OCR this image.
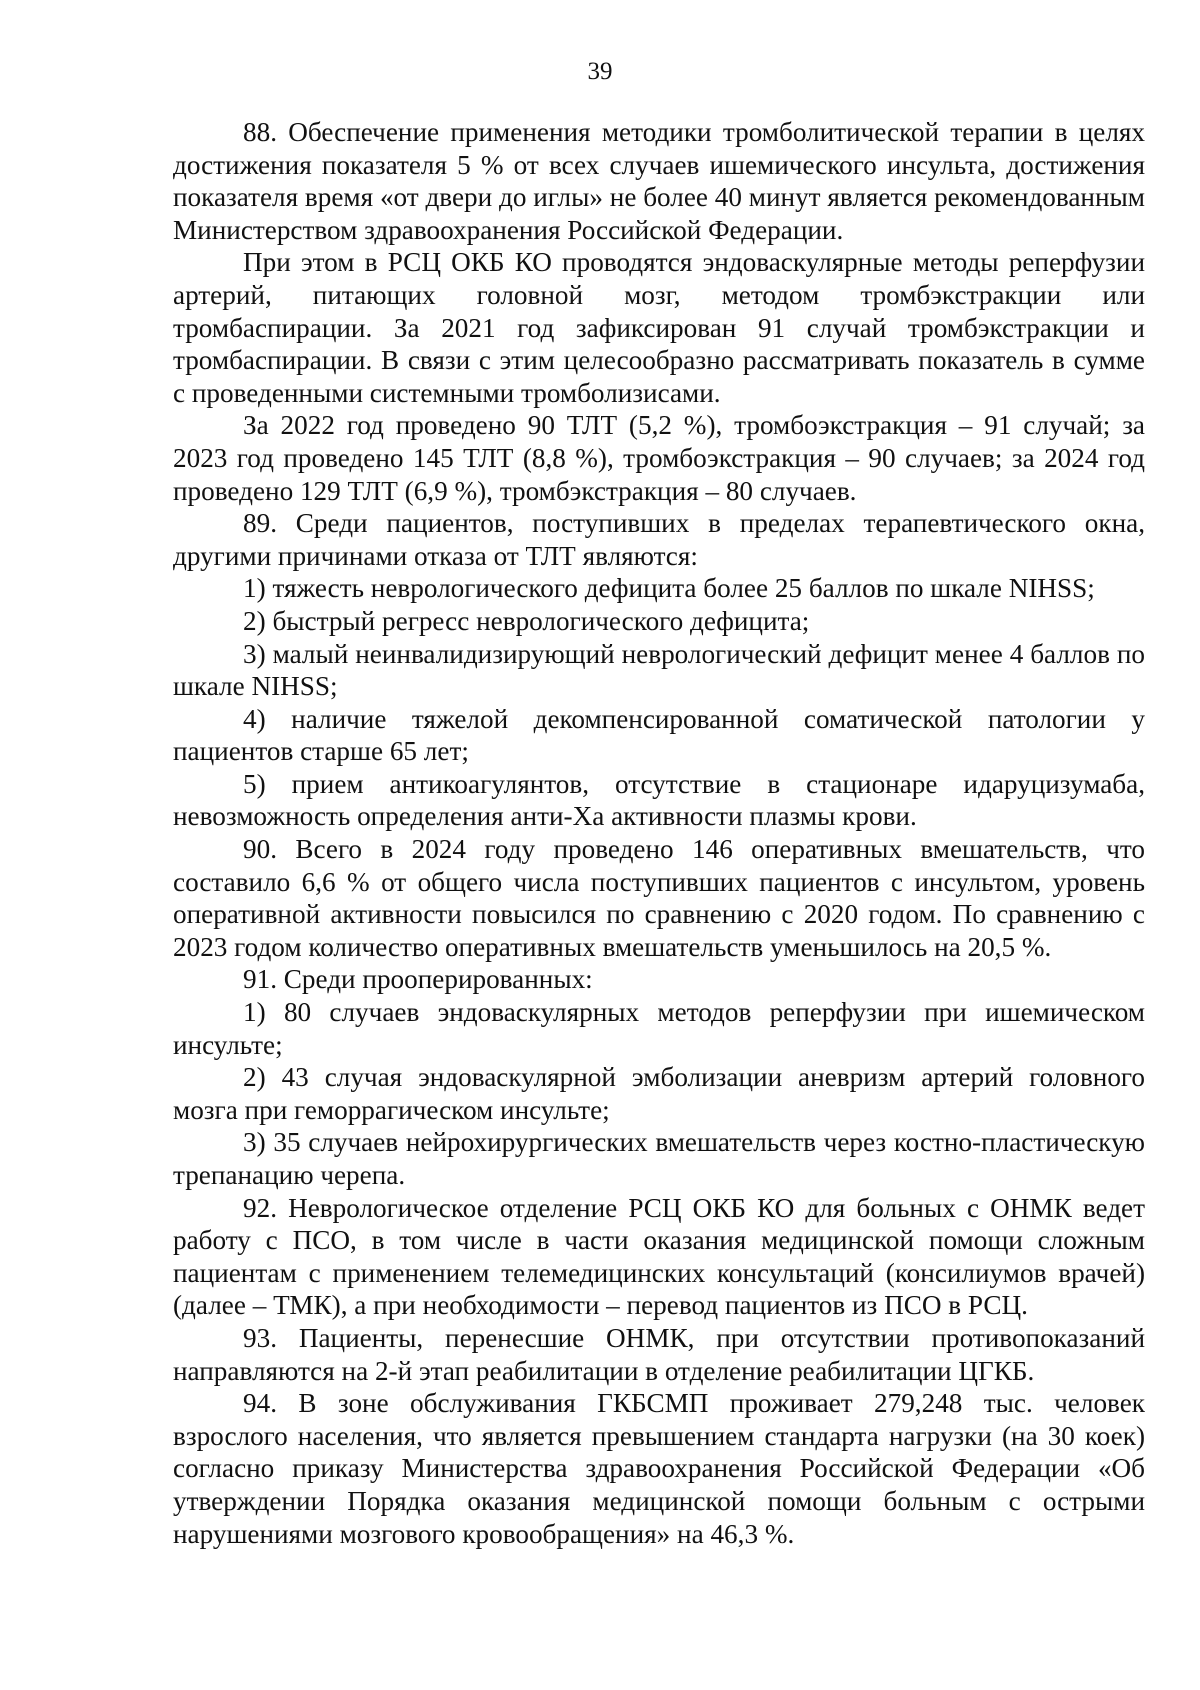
39

88. Обеспечение применения методики тромболитической терапии в целях достижения показателя 5 % от всех случаев ишемического инсульта, достижения показателя время «от двери до иглы» не более 40 минут является рекомендованным Министерством здравоохранения Российской Федерации.

При этом в РСЦ ОКБ КО проводятся эндоваскулярные методы реперфузии артерий, питающих головной мозг, методом тромбэкстракции или тромбаспирации. За 2021 год зафиксирован 91 случай тромбэкстракции и тромбаспирации. В связи с этим целесообразно рассматривать показатель в сумме с проведенными системными тромболизисами.

За 2022 год проведено 90 ТЛТ (5,2 %), тромбоэкстракция – 91 случай; за 2023 год проведено 145 ТЛТ (8,8 %), тромбоэкстракция – 90 случаев; за 2024 год проведено 129 ТЛТ (6,9 %), тромбэкстракция – 80 случаев.

89. Среди пациентов, поступивших в пределах терапевтического окна, другими причинами отказа от ТЛТ являются:

1) тяжесть неврологического дефицита более 25 баллов по шкале NIHSS;

2) быстрый регресс неврологического дефицита;

3) малый неинвалидизирующий неврологический дефицит менее 4 баллов по шкале NIHSS;

4) наличие тяжелой декомпенсированной соматической патологии у пациентов старше 65 лет;

5) прием антикоагулянтов, отсутствие в стационаре идаруцизумаба, невозможность определения анти-Ха активности плазмы крови.

90. Всего в 2024 году проведено 146 оперативных вмешательств, что составило 6,6 % от общего числа поступивших пациентов с инсультом, уровень оперативной активности повысился по сравнению с 2020 годом. По сравнению с 2023 годом количество оперативных вмешательств уменьшилось на 20,5 %.

91. Среди прооперированных:

1) 80 случаев эндоваскулярных методов реперфузии при ишемическом инсульте;

2) 43 случая эндоваскулярной эмболизации аневризм артерий головного мозга при геморрагическом инсульте;

3) 35 случаев нейрохирургических вмешательств через костно-пластическую трепанацию черепа.

92. Неврологическое отделение РСЦ ОКБ КО для больных с ОНМК ведет работу с ПСО, в том числе в части оказания медицинской помощи сложным пациентам с применением телемедицинских консультаций (консилиумов врачей) (далее – ТМК), а при необходимости – перевод пациентов из ПСО в РСЦ.

93. Пациенты, перенесшие ОНМК, при отсутствии противопоказаний направляются на 2-й этап реабилитации в отделение реабилитации ЦГКБ.

94. В зоне обслуживания ГКБСМП проживает 279,248 тыс. человек взрослого населения, что является превышением стандарта нагрузки (на 30 коек) согласно приказу Министерства здравоохранения Российской Федерации «Об утверждении Порядка оказания медицинской помощи больным с острыми нарушениями мозгового кровообращения» на 46,3 %.
